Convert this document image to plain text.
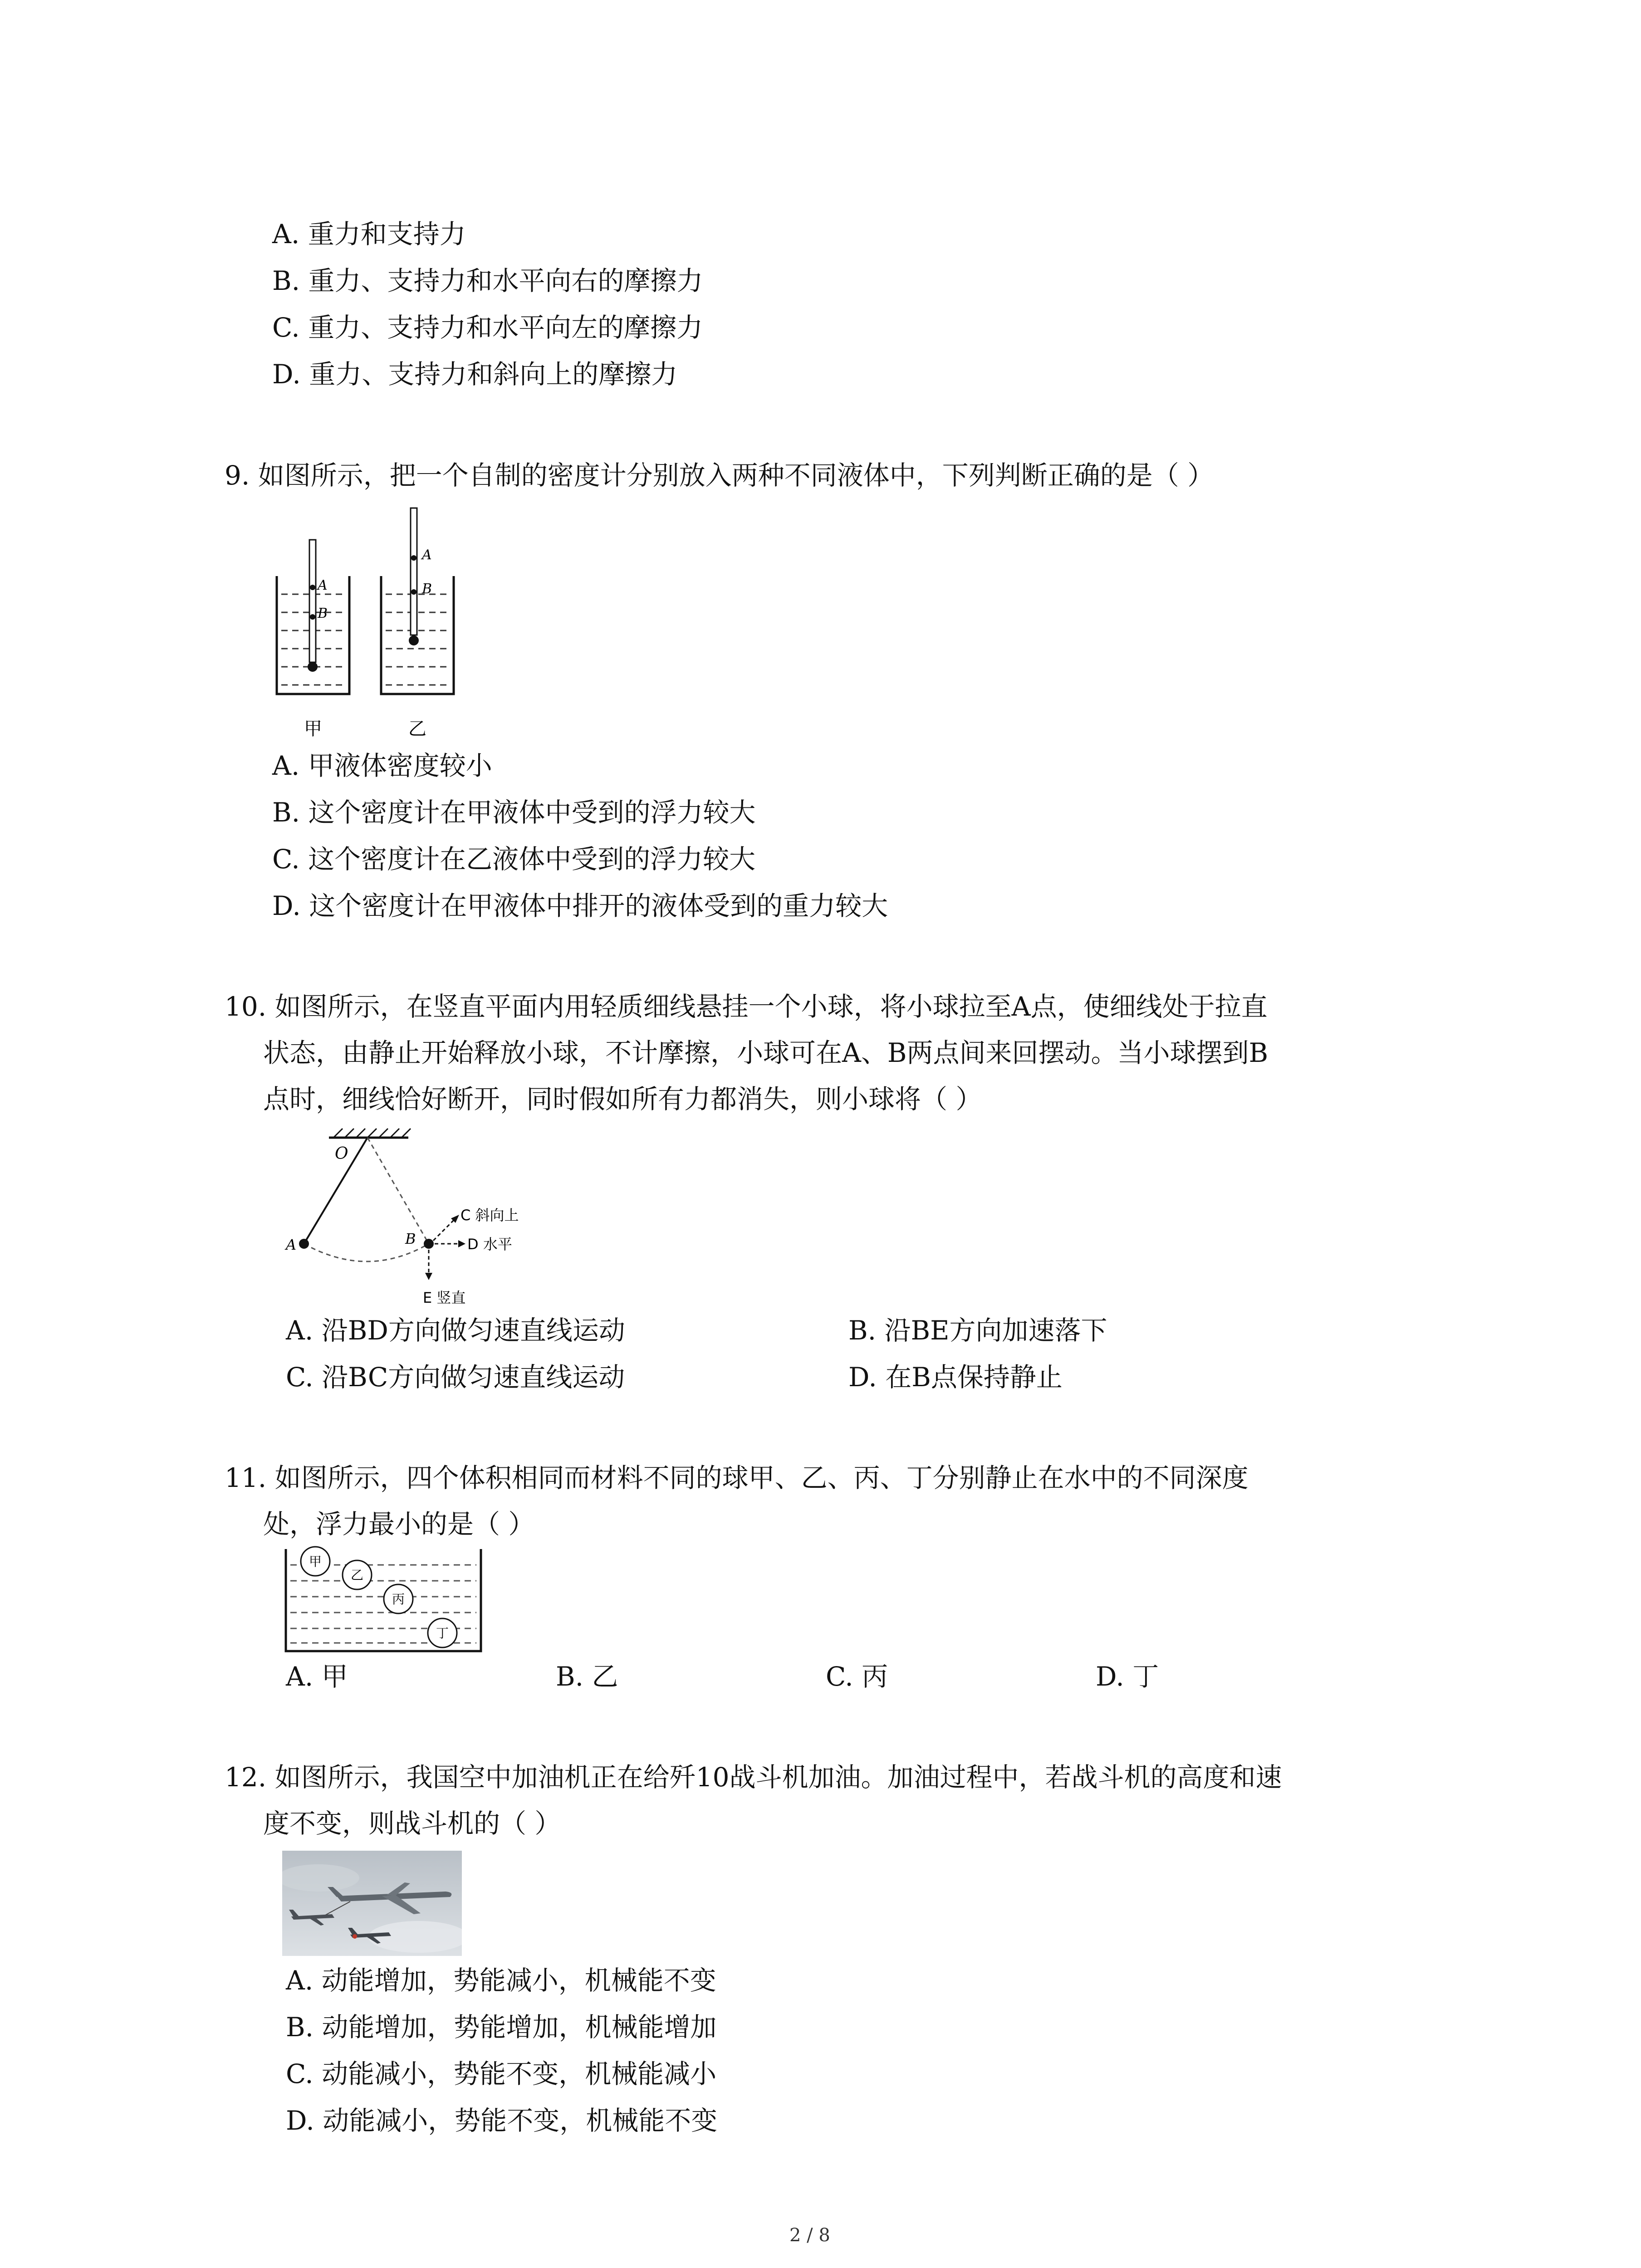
A. 重力和支持力
B. 重力、支持力和水平向右的摩擦力
C. 重力、支持力和水平向左的摩擦力
D. 重力、支持力和斜向上的摩擦力
9. 如图所示，把一个自制的密度计分别放入两种不同液体中，下列判断正确的是（ ）
A
B
A
B
甲	乙
A. 甲液体密度较小
B. 这个密度计在甲液体中受到的浮力较大
C. 这个密度计在乙液体中受到的浮力较大
D. 这个密度计在甲液体中排开的液体受到的重力较大
10. 如图所示，在竖直平面内用轻质细线悬挂一个小球，将小球拉至A点，使细线处于拉直
状态，由静止开始释放小球，不计摩擦，小球可在A、B两点间来回摆动。当小球摆到B
点时，细线恰好断开，同时假如所有力都消失，则小球将（ ）
O
A	B
C 斜向上
D 水平
E 竖直
A. 沿BD方向做匀速直线运动	B. 沿BE方向加速落下
C. 沿BC方向做匀速直线运动	D. 在B点保持静止
11. 如图所示，四个体积相同而材料不同的球甲、乙、丙、丁分别静止在水中的不同深度
处，浮力最小的是（ ）
甲
乙
丙
丁
A. 甲	B. 乙	C. 丙	D. 丁
12. 如图所示，我国空中加油机正在给歼10战斗机加油。加油过程中，若战斗机的高度和速
度不变，则战斗机的（ ）
A. 动能增加，势能减小，机械能不变
B. 动能增加，势能增加，机械能增加
C. 动能减小，势能不变，机械能减小
D. 动能减小，势能不变，机械能不变
2 / 8
